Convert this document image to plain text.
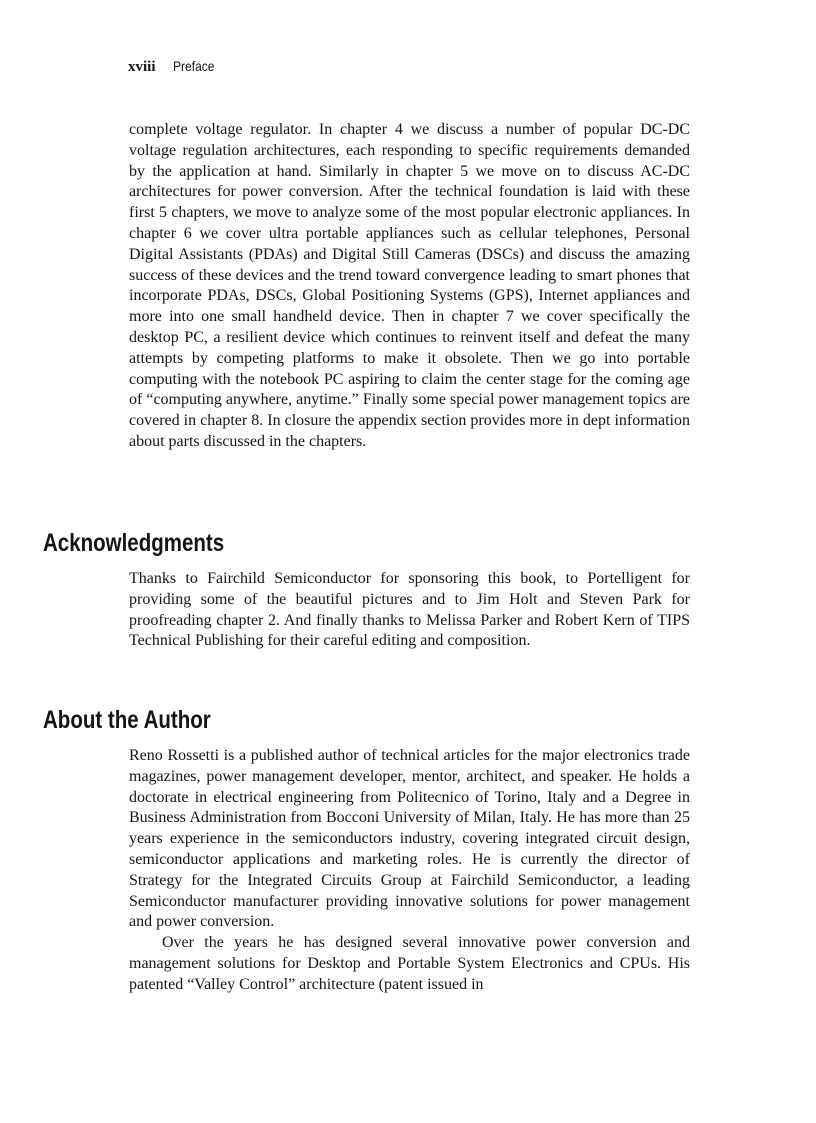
xviii Preface

complete voltage regulator. In chapter 4 we discuss a number of popular DC-DC voltage regulation architectures, each responding to specific requirements demanded by the application at hand. Similarly in chapter 5 we move on to discuss AC-DC architectures for power conversion. After the technical foundation is laid with these first 5 chapters, we move to analyze some of the most popular electronic appliances. In chapter 6 we cover ultra portable appliances such as cellular telephones, Personal Digital Assistants (PDAs) and Digital Still Cameras (DSCs) and discuss the amazing success of these devices and the trend toward convergence leading to smart phones that incorporate PDAs, DSCs, Global Positioning Systems (GPS), Internet appliances and more into one small handheld device. Then in chapter 7 we cover specifically the desktop PC, a resilient device which continues to reinvent itself and defeat the many attempts by competing platforms to make it obsolete. Then we go into portable computing with the notebook PC aspiring to claim the center stage for the coming age of “computing anywhere, anytime.” Finally some special power management topics are covered in chapter 8. In closure the appendix section provides more in dept information about parts discussed in the chapters.

Acknowledgments

Thanks to Fairchild Semiconductor for sponsoring this book, to Portelligent for providing some of the beautiful pictures and to Jim Holt and Steven Park for proofreading chapter 2. And finally thanks to Melissa Parker and Robert Kern of TIPS Technical Publishing for their careful editing and composition.

About the Author

Reno Rossetti is a published author of technical articles for the major electronics trade magazines, power management developer, mentor, architect, and speaker. He holds a doctorate in electrical engineering from Politecnico of Torino, Italy and a Degree in Business Administration from Bocconi University of Milan, Italy. He has more than 25 years experience in the semiconductors industry, covering integrated circuit design, semiconductor applications and marketing roles. He is currently the director of Strategy for the Integrated Circuits Group at Fairchild Semiconductor, a leading Semiconductor manufacturer providing innovative solutions for power management and power conversion.

Over the years he has designed several innovative power conversion and management solutions for Desktop and Portable System Electronics and CPUs. His patented “Valley Control” architecture (patent issued in
